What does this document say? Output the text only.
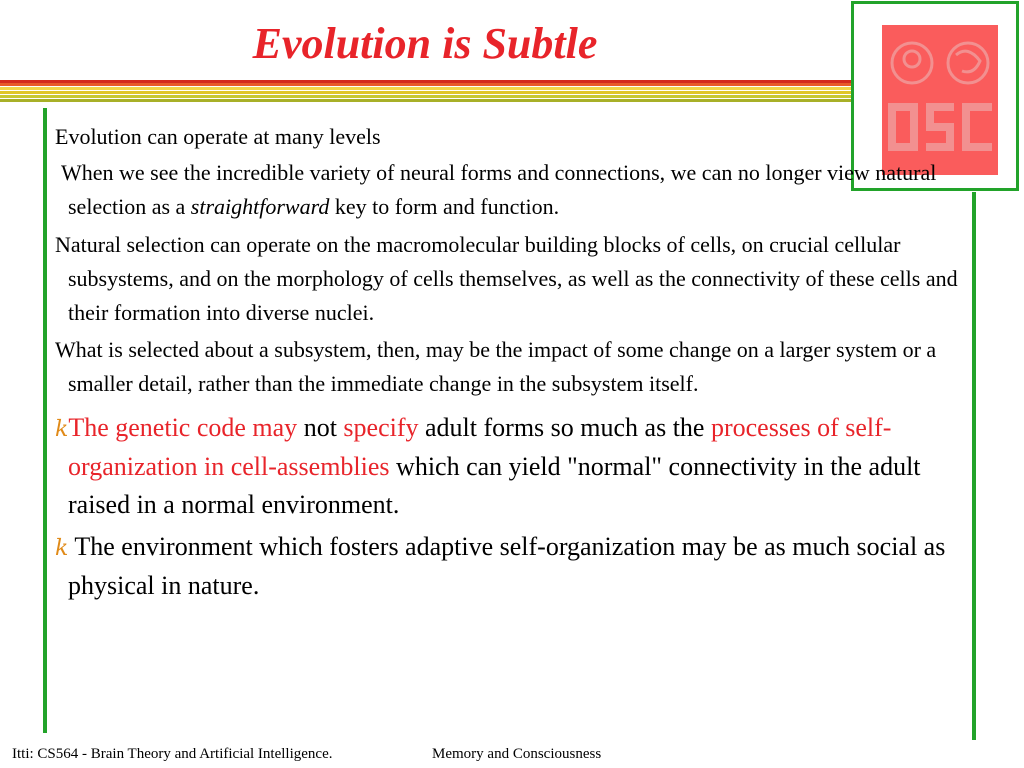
Evolution is Subtle

Evolution can operate at many levels

When we see the incredible variety of neural forms and connections, we can no longer view natural selection as a straightforward key to form and function.

Natural selection can operate on the macromolecular building blocks of cells, on crucial cellular subsystems, and on the morphology of cells themselves, as well as the connectivity of these cells and their formation into diverse nuclei.

What is selected about a subsystem, then, may be the impact of some change on a larger system or a smaller detail, rather than the immediate change in the subsystem itself.

𝑘The genetic code may not specify adult forms so much as the processes of self-organization in cell-assemblies which can yield "normal" connectivity in the adult raised in a normal environment.

𝑘 The environment which fosters adaptive self-organization may be as much social as physical in nature.

Itti: CS564 - Brain Theory and Artificial Intelligence.	Memory and Consciousness
